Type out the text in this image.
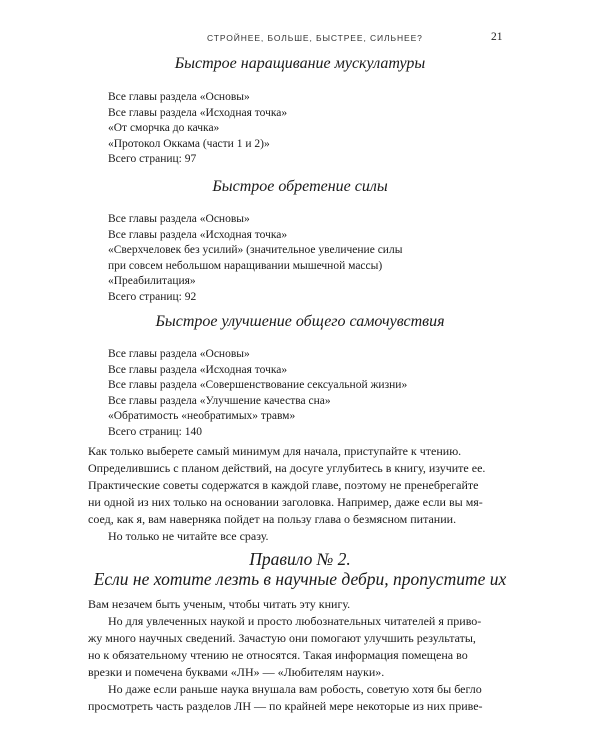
СТРОЙНЕЕ, БОЛЬШЕ, БЫСТРЕЕ, СИЛЬНЕЕ?	21
Быстрое наращивание мускулатуры
Все главы раздела «Основы»
Все главы раздела «Исходная точка»
«От сморчка до качка»
«Протокол Оккама (части 1 и 2)»
Всего страниц: 97
Быстрое обретение силы
Все главы раздела «Основы»
Все главы раздела «Исходная точка»
«Сверхчеловек без усилий» (значительное увеличение силы
при совсем небольшом наращивании мышечной массы)
«Преабилитация»
Всего страниц: 92
Быстрое улучшение общего самочувствия
Все главы раздела «Основы»
Все главы раздела «Исходная точка»
Все главы раздела «Совершенствование сексуальной жизни»
Все главы раздела «Улучшение качества сна»
«Обратимость «необратимых» травм»
Всего страниц: 140

Как только выберете самый минимум для начала, приступайте к чтению.
Определившись с планом действий, на досуге углубитесь в книгу, изучите ее.
Практические советы содержатся в каждой главе, поэтому не пренебрегайте
ни одной из них только на основании заголовка. Например, даже если вы мя-
соед, как я, вам наверняка пойдет на пользу глава о безмясном питании.

Но только не читайте все сразу.

Правило № 2.
Если не хотите лезть в научные дебри, пропустите их

Вам незачем быть ученым, чтобы читать эту книгу.

Но для увлеченных наукой и просто любознательных читателей я приво-
жу много научных сведений. Зачастую они помогают улучшить результаты,
но к обязательному чтению не относятся. Такая информация помещена во
врезки и помечена буквами «ЛН» — «Любителям науки».

Но даже если раньше наука внушала вам робость, советую хотя бы бегло
просмотреть часть разделов ЛН — по крайней мере некоторые из них приве-
